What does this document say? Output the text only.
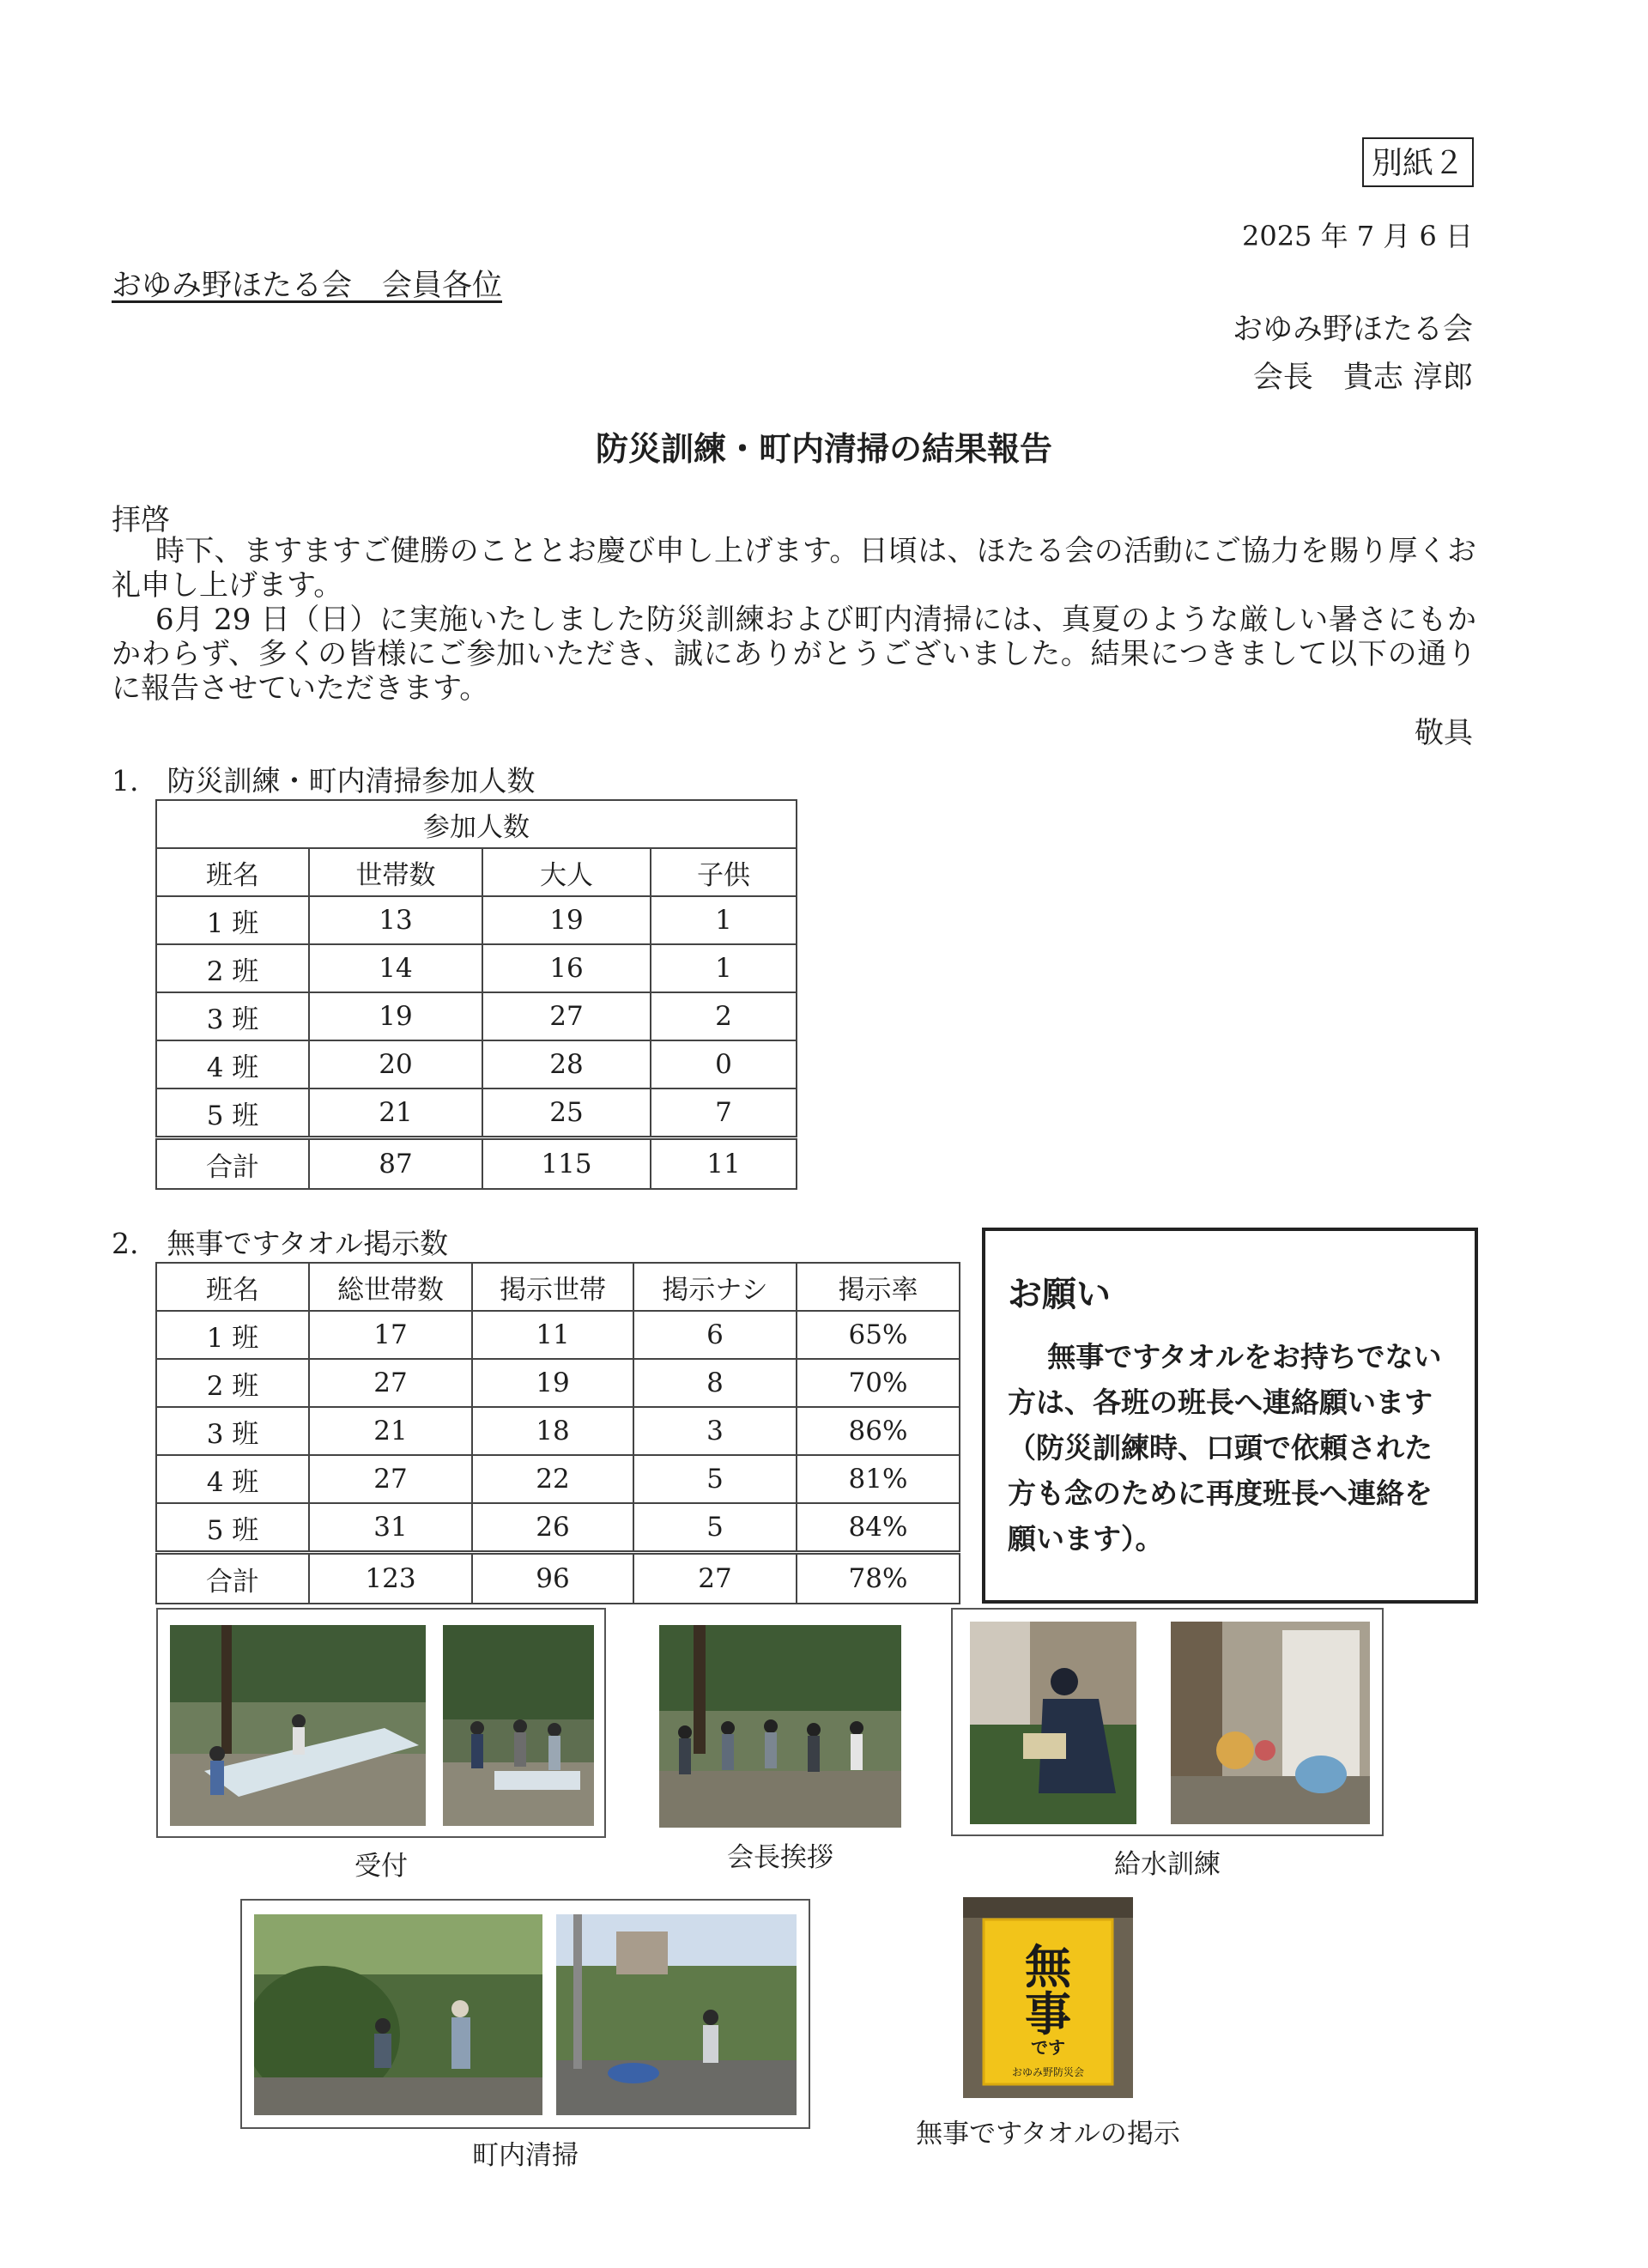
別紙２
2025 年 7 月 6 日
おゆみ野ほたる会　会員各位
おゆみ野ほたる会
会長　貴志 淳郎
防災訓練・町内清掃の結果報告
拝啓

時下、ますますご健勝のこととお慶び申し上げます。日頃は、ほたる会の活動にご協力を賜り厚くお礼申し上げます。

6月 29 日（日）に実施いたしました防災訓練および町内清掃には、真夏のような厳しい暑さにもかかわらず、多くの皆様にご参加いただき、誠にありがとうございました。結果につきまして以下の通りに報告させていただきます。

敬具
1.　防災訓練・町内清掃参加人数
参加人数			
班名	世帯数	大人	子供
1 班	13	19	1
2 班	14	16	1
3 班	19	27	2
4 班	20	28	0
5 班	21	25	7
合計	87	115	11
2.　無事ですタオル掲示数
班名	総世帯数	掲示世帯	掲示ナシ	掲示率
1 班	17	11	6	65%
2 班	27	19	8	70%
3 班	21	18	3	86%
4 班	27	22	5	81%
5 班	31	26	5	84%
合計	123	96	27	78%
お願い

無事ですタオルをお持ちでない方は、各班の班長へ連絡願います（防災訓練時、口頭で依頼された方も念のために再度班長へ連絡を願います）。

受付	会長挨拶	給水訓練
町内清掃
無
事
です
おゆみ野防災会
無事ですタオルの掲示
